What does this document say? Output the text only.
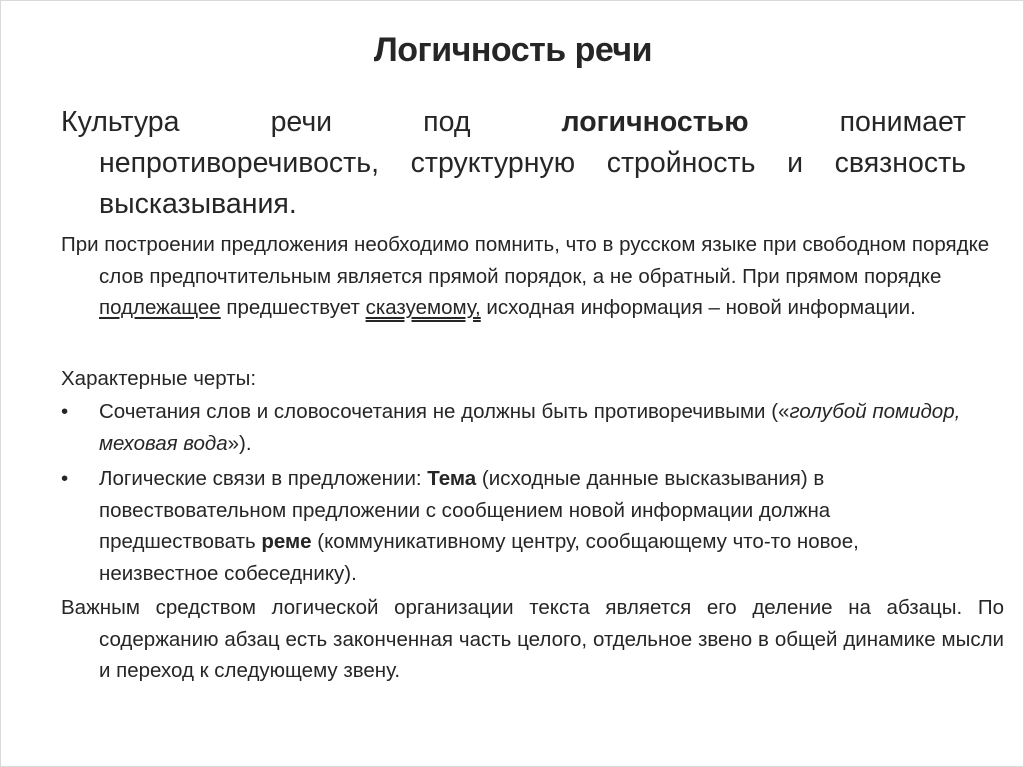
Логичность речи
Культура	речи	под	логичностью	понимает
непротиворечивость, структурную стройность и связность высказывания.
При построении предложения необходимо помнить, что в русском языке при свободном порядке слов предпочтительным является прямой порядок, а не обратный. При прямом порядке подлежащее предшествует сказуемому, исходная информация – новой информации.
Характерные черты:
•	Сочетания слов и словосочетания не должны быть противоречивыми («голубой помидор, меховая вода»).
•	Логические связи в предложении: Тема (исходные данные высказывания) в повествовательном предложении с сообщением новой информации должна предшествовать реме (коммуникативному центру, сообщающему что-то новое, неизвестное собеседнику).
Важным средством логической организации текста является его деление на абзацы. По содержанию абзац есть законченная часть целого, отдельное звено в общей динамике мысли и переход к следующему звену.
